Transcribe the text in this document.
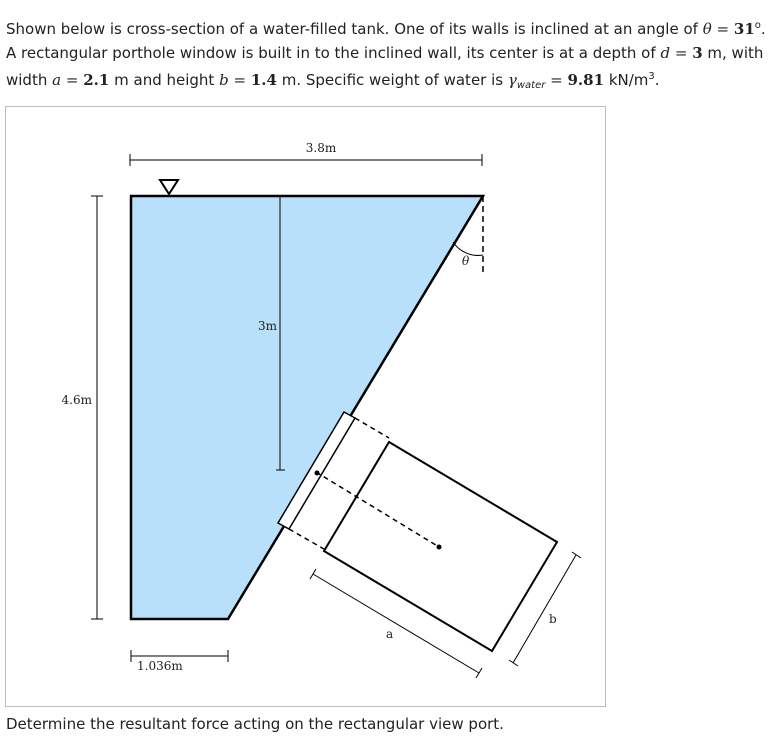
Shown below is cross-section of a water-filled tank. One of its walls is inclined at an angle of $\theta = 31^o$. A rectangular porthole window is built in to the inclined wall, its center is at a depth of d = 3 m, with width a = 2.1 m and height b = 1.4 m. Specific weight of water is $\gamma_{water} = 9.81$ $kN/m^3$.
3.8m
4.6m
3m
1.036m
θ
a
b
Determine the resultant force acting on the rectangular view port.
